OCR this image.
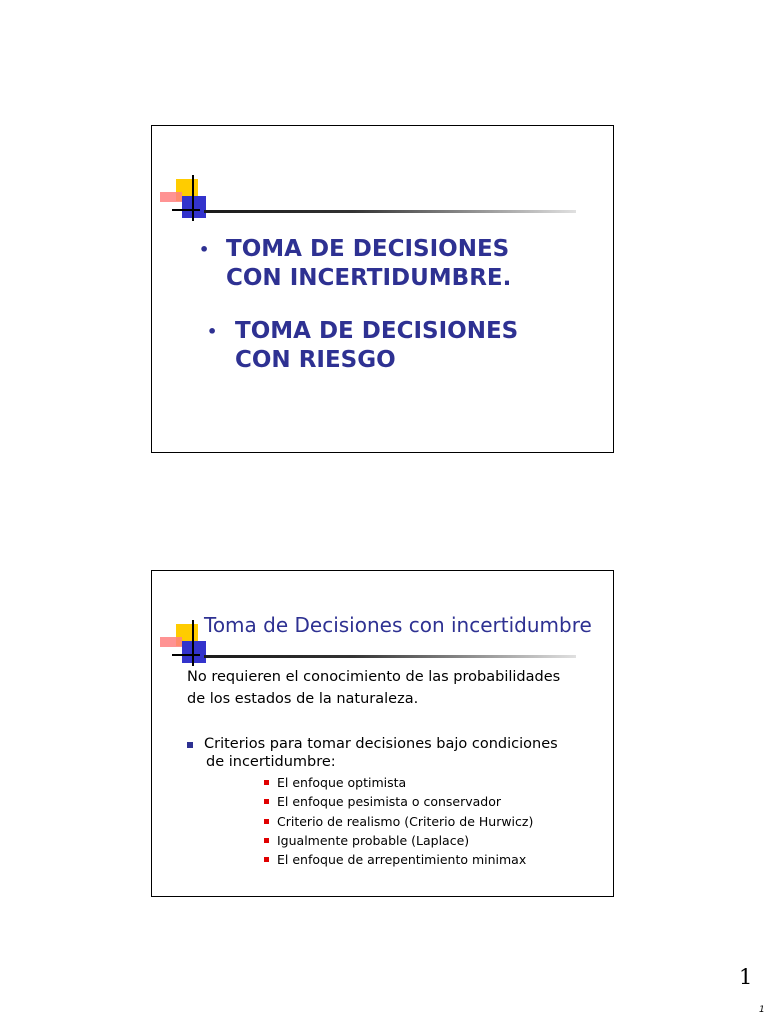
• TOMA DE DECISIONES
CON INCERTIDUMBRE.
• TOMA DE DECISIONES
CON RIESGO
Toma de Decisiones con incertidumbre
No requieren el conocimiento de las probabilidades
de los estados de la naturaleza.
Criterios para tomar decisiones bajo condiciones
de incertidumbre:
El enfoque optimista
El enfoque pesimista o conservador
Criterio de realismo (Criterio de Hurwicz)
Igualmente probable (Laplace)
El enfoque de arrepentimiento minimax
1
1
